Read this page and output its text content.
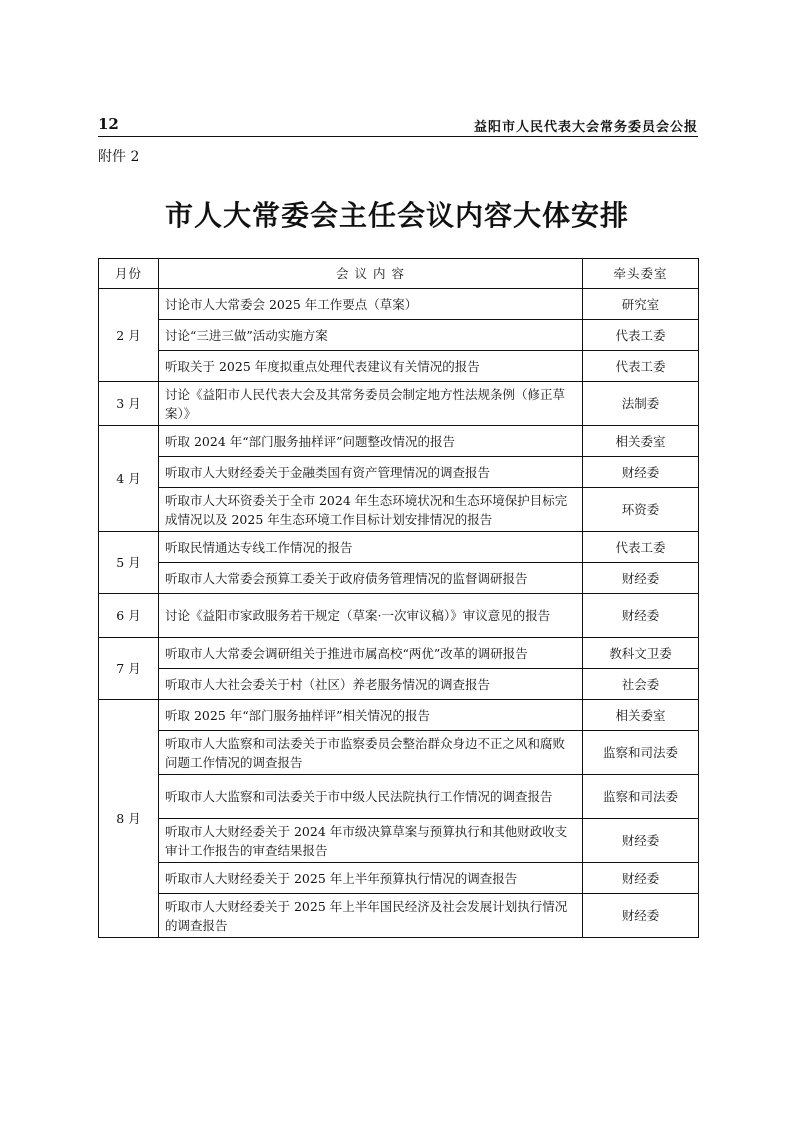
12	益阳市人民代表大会常务委员会公报
附件 2
市人大常委会主任会议内容大体安排
月份	会 议 内 容	牵头委室
2 月	讨论市人大常委会 2025 年工作要点（草案）	研究室
	讨论“三进三做”活动实施方案	代表工委
	听取关于 2025 年度拟重点处理代表建议有关情况的报告	代表工委
3 月	讨论《益阳市人民代表大会及其常务委员会制定地方性法规条例（修正草案）》	法制委
4 月	听取 2024 年“部门服务抽样评”问题整改情况的报告	相关委室
	听取市人大财经委关于金融类国有资产管理情况的调查报告	财经委
	听取市人大环资委关于全市 2024 年生态环境状况和生态环境保护目标完成情况以及 2025 年生态环境工作目标计划安排情况的报告	环资委
5 月	听取民情通达专线工作情况的报告	代表工委
	听取市人大常委会预算工委关于政府债务管理情况的监督调研报告	财经委
6 月	讨论《益阳市家政服务若干规定（草案·一次审议稿）》审议意见的报告	财经委
7 月	听取市人大常委会调研组关于推进市属高校“两优”改革的调研报告	教科文卫委
	听取市人大社会委关于村（社区）养老服务情况的调查报告	社会委
8 月	听取 2025 年“部门服务抽样评”相关情况的报告	相关委室
	听取市人大监察和司法委关于市监察委员会整治群众身边不正之风和腐败问题工作情况的调查报告	监察和司法委
	听取市人大监察和司法委关于市中级人民法院执行工作情况的调查报告	监察和司法委
	听取市人大财经委关于 2024 年市级决算草案与预算执行和其他财政收支审计工作报告的审查结果报告	财经委
	听取市人大财经委关于 2025 年上半年预算执行情况的调查报告	财经委
	听取市人大财经委关于 2025 年上半年国民经济及社会发展计划执行情况的调查报告	财经委
